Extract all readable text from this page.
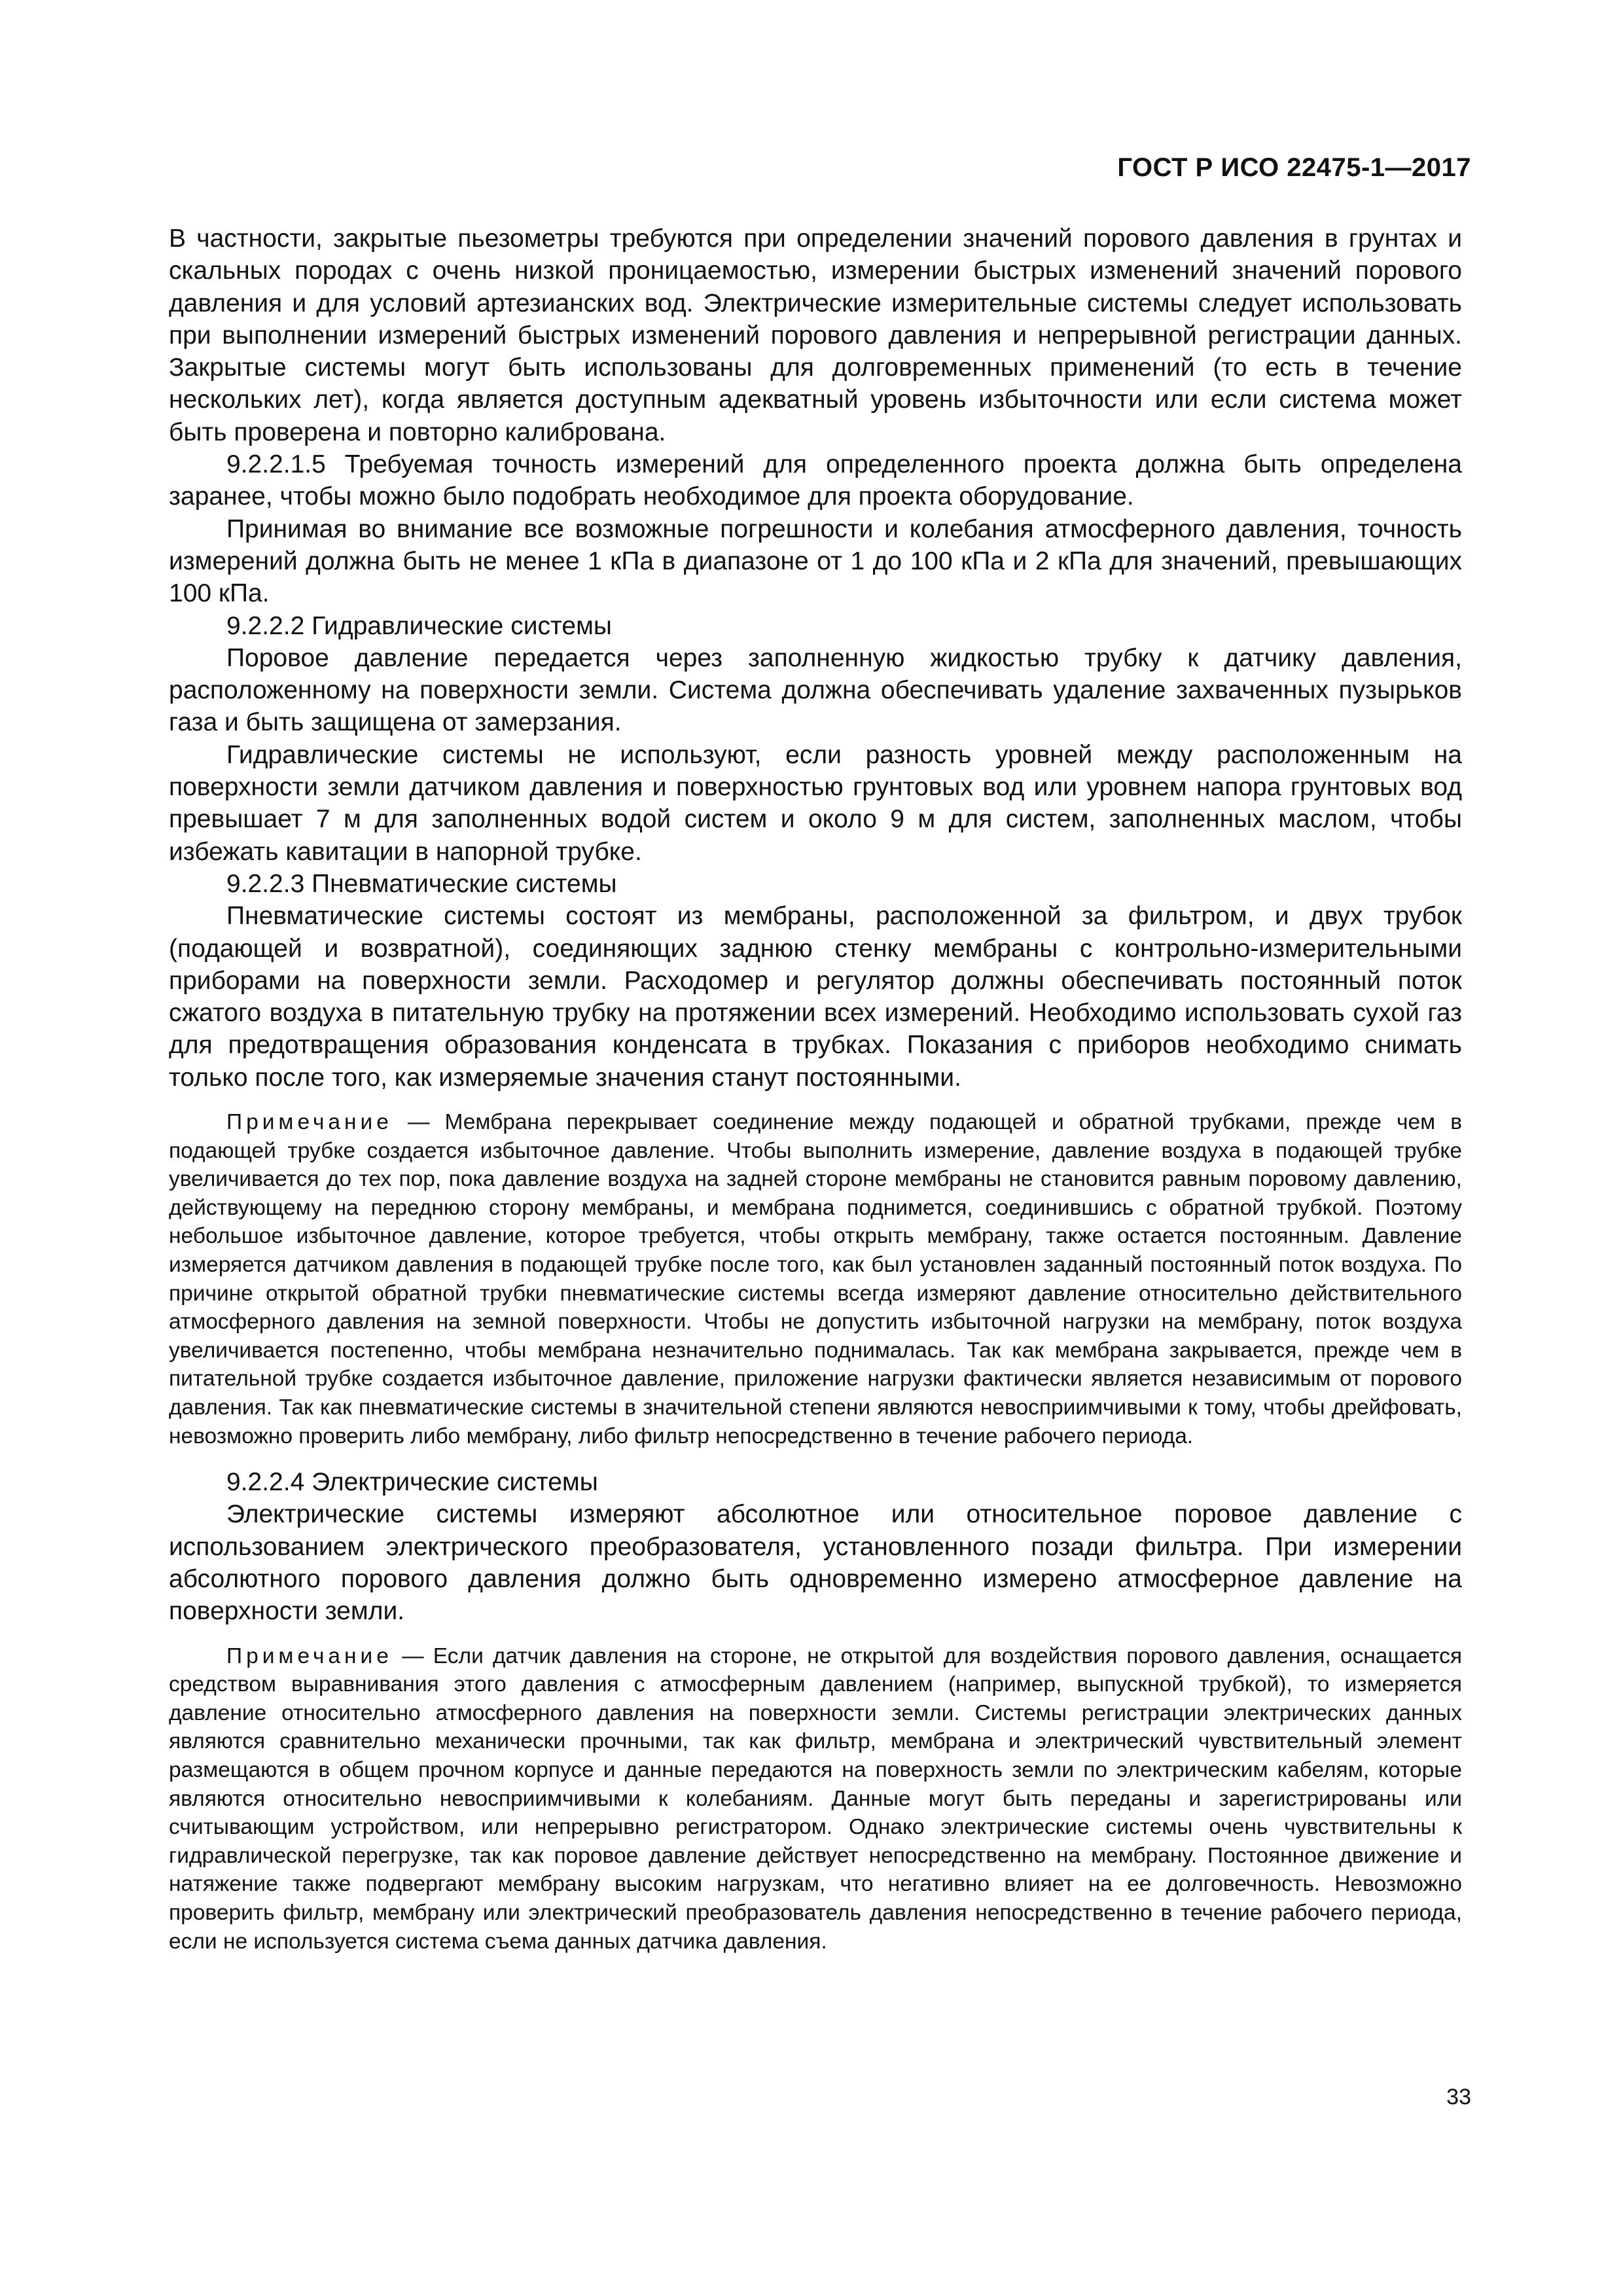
ГОСТ Р ИСО 22475-1—2017

В частности, закрытые пьезометры требуются при определении значений порового давления в грунтах и скальных породах с очень низкой проницаемостью, измерении быстрых изменений значений порового давления и для условий артезианских вод. Электрические измерительные системы следует использовать при выполнении измерений быстрых изменений порового давления и непрерывной регистрации данных. Закрытые системы могут быть использованы для долговременных применений (то есть в течение нескольких лет), когда является доступным адекватный уровень избыточности или если система может быть проверена и повторно калибрована.

9.2.2.1.5 Требуемая точность измерений для определенного проекта должна быть определена заранее, чтобы можно было подобрать необходимое для проекта оборудование.

Принимая во внимание все возможные погрешности и колебания атмосферного давления, точность измерений должна быть не менее 1 кПа в диапазоне от 1 до 100 кПа и 2 кПа для значений, превышающих 100 кПа.

9.2.2.2 Гидравлические системы

Поровое давление передается через заполненную жидкостью трубку к датчику давления, расположенному на поверхности земли. Система должна обеспечивать удаление захваченных пузырьков газа и быть защищена от замерзания.

Гидравлические системы не используют, если разность уровней между расположенным на поверхности земли датчиком давления и поверхностью грунтовых вод или уровнем напора грунтовых вод превышает 7 м для заполненных водой систем и около 9 м для систем, заполненных маслом, чтобы избежать кавитации в напорной трубке.

9.2.2.3 Пневматические системы

Пневматические системы состоят из мембраны, расположенной за фильтром, и двух трубок (подающей и возвратной), соединяющих заднюю стенку мембраны с контрольно-измерительными приборами на поверхности земли. Расходомер и регулятор должны обеспечивать постоянный поток сжатого воздуха в питательную трубку на протяжении всех измерений. Необходимо использовать сухой газ для предотвращения образования конденсата в трубках. Показания с приборов необходимо снимать только после того, как измеряемые значения станут постоянными.

Примечание — Мембрана перекрывает соединение между подающей и обратной трубками, прежде чем в подающей трубке создается избыточное давление. Чтобы выполнить измерение, давление воздуха в подающей трубке увеличивается до тех пор, пока давление воздуха на задней стороне мембраны не становится равным поровому давлению, действующему на переднюю сторону мембраны, и мембрана поднимется, соединившись с обратной трубкой. Поэтому небольшое избыточное давление, которое требуется, чтобы открыть мембрану, также остается постоянным. Давление измеряется датчиком давления в подающей трубке после того, как был установлен заданный постоянный поток воздуха. По причине открытой обратной трубки пневматические системы всегда измеряют давление относительно действительного атмосферного давления на земной поверхности. Чтобы не допустить избыточной нагрузки на мембрану, поток воздуха увеличивается постепенно, чтобы мембрана незначительно поднималась. Так как мембрана закрывается, прежде чем в питательной трубке создается избыточное давление, приложение нагрузки фактически является независимым от порового давления. Так как пневматические системы в значительной степени являются невосприимчивыми к тому, чтобы дрейфовать, невозможно проверить либо мембрану, либо фильтр непосредственно в течение рабочего периода.

9.2.2.4 Электрические системы

Электрические системы измеряют абсолютное или относительное поровое давление с использованием электрического преобразователя, установленного позади фильтра. При измерении абсолютного порового давления должно быть одновременно измерено атмосферное давление на поверхности земли.

Примечание — Если датчик давления на стороне, не открытой для воздействия порового давления, оснащается средством выравнивания этого давления с атмосферным давлением (например, выпускной трубкой), то измеряется давление относительно атмосферного давления на поверхности земли. Системы регистрации электрических данных являются сравнительно механически прочными, так как фильтр, мембрана и электрический чувствительный элемент размещаются в общем прочном корпусе и данные передаются на поверхность земли по электрическим кабелям, которые являются относительно невосприимчивыми к колебаниям. Данные могут быть переданы и зарегистрированы или считывающим устройством, или непрерывно регистратором. Однако электрические системы очень чувствительны к гидравлической перегрузке, так как поровое давление действует непосредственно на мембрану. Постоянное движение и натяжение также подвергают мембрану высоким нагрузкам, что негативно влияет на ее долговечность. Невозможно проверить фильтр, мембрану или электрический преобразователь давления непосредственно в течение рабочего периода, если не используется система съема данных датчика давления.

33
